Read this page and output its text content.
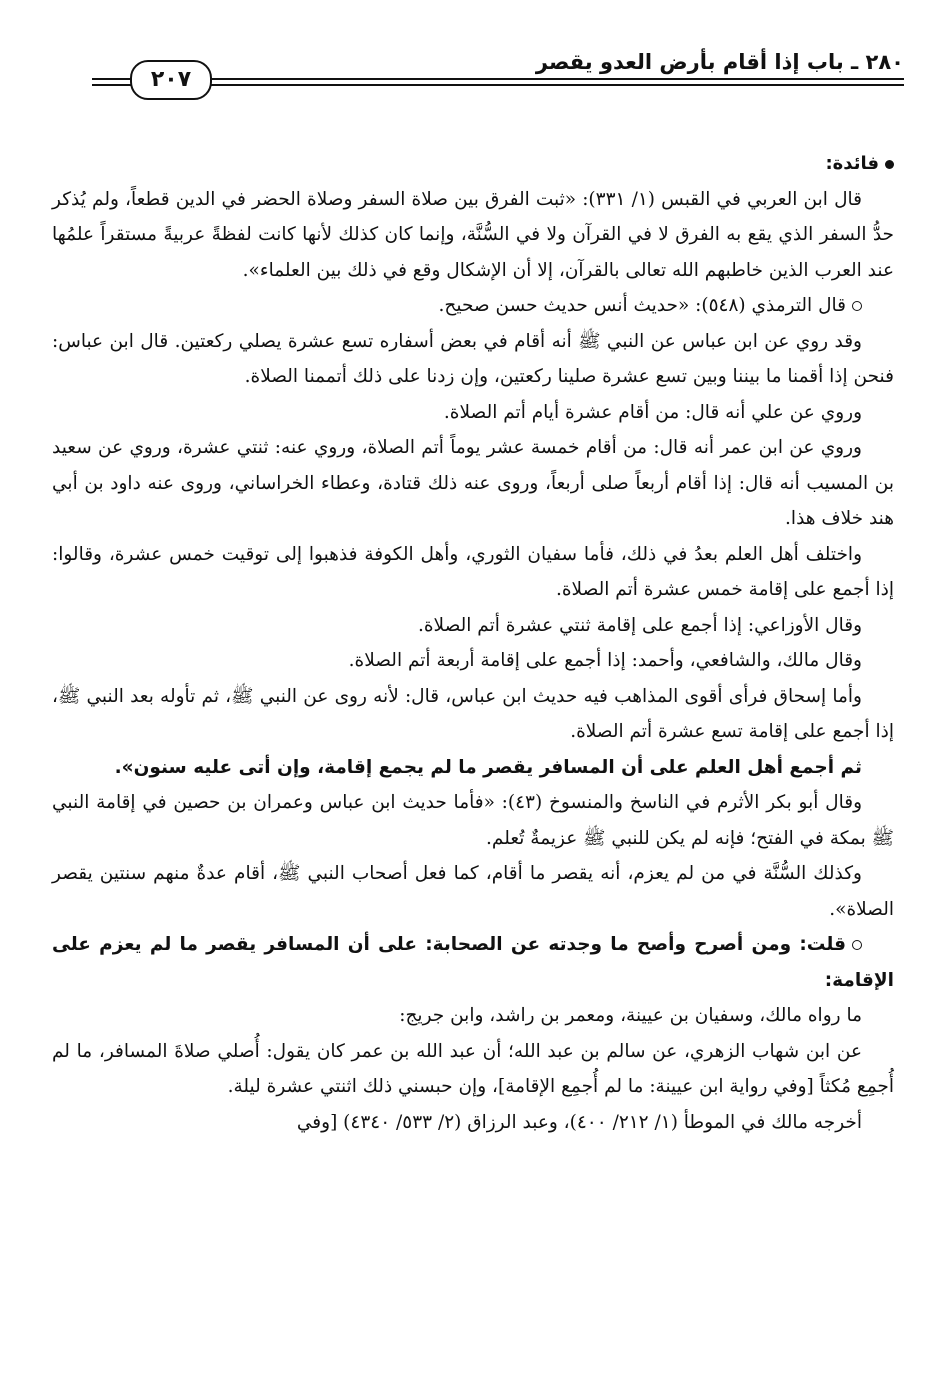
٢٨٠ ـ باب إذا أقام بأرض العدو يقصر
٢٠٧

فائدة:

قال ابن العربي في القبس (١/ ٣٣١): «ثبت الفرق بين صلاة السفر وصلاة الحضر في الدين قطعاً، ولم يُذكر حدُّ السفر الذي يقع به الفرق لا في القرآن ولا في السُّنَّة، وإنما كان كذلك لأنها كانت لفظةً عربيةً مستقراً علمُها عند العرب الذين خاطبهم الله تعالى بالقرآن، إلا أن الإشكال وقع في ذلك بين العلماء».

قال الترمذي (٥٤٨): «حديث أنس حديث حسن صحيح.

وقد روي عن ابن عباس عن النبي ﷺ أنه أقام في بعض أسفاره تسع عشرة يصلي ركعتين. قال ابن عباس: فنحن إذا أقمنا ما بيننا وبين تسع عشرة صلينا ركعتين، وإن زدنا على ذلك أتممنا الصلاة.

وروي عن علي أنه قال: من أقام عشرة أيام أتم الصلاة.

وروي عن ابن عمر أنه قال: من أقام خمسة عشر يوماً أتم الصلاة، وروي عنه: ثنتي عشرة، وروي عن سعيد بن المسيب أنه قال: إذا أقام أربعاً صلى أربعاً، وروى عنه ذلك قتادة، وعطاء الخراساني، وروى عنه داود بن أبي هند خلاف هذا.

واختلف أهل العلم بعدُ في ذلك، فأما سفيان الثوري، وأهل الكوفة فذهبوا إلى توقيت خمس عشرة، وقالوا: إذا أجمع على إقامة خمس عشرة أتم الصلاة.

وقال الأوزاعي: إذا أجمع على إقامة ثنتي عشرة أتم الصلاة.

وقال مالك، والشافعي، وأحمد: إذا أجمع على إقامة أربعة أتم الصلاة.

وأما إسحاق فرأى أقوى المذاهب فيه حديث ابن عباس، قال: لأنه روى عن النبي ﷺ، ثم تأوله بعد النبي ﷺ، إذا أجمع على إقامة تسع عشرة أتم الصلاة.

ثم أجمع أهل العلم على أن المسافر يقصر ما لم يجمع إقامة، وإن أتى عليه سنون».

وقال أبو بكر الأثرم في الناسخ والمنسوخ (٤٣): «فأما حديث ابن عباس وعمران بن حصين في إقامة النبي ﷺ بمكة في الفتح؛ فإنه لم يكن للنبي ﷺ عزيمةٌ تُعلم.

وكذلك السُّنَّة في من لم يعزم، أنه يقصر ما أقام، كما فعل أصحاب النبي ﷺ، أقام عدةٌ منهم سنتين يقصر الصلاة».

قلت: ومن أصرح وأصح ما وجدته عن الصحابة: على أن المسافر يقصر ما لم يعزم على الإقامة:

ما رواه مالك، وسفيان بن عيينة، ومعمر بن راشد، وابن جريج:

عن ابن شهاب الزهري، عن سالم بن عبد الله؛ أن عبد الله بن عمر كان يقول: أُصلي صلاةَ المسافر، ما لم أُجمِع مُكثاً [وفي رواية ابن عيينة: ما لم أُجمِع الإقامة]، وإن حبسني ذلك اثنتي عشرة ليلة.

أخرجه مالك في الموطأ (١/ ٢١٢/ ٤٠٠)، وعبد الرزاق (٢/ ٥٣٣/ ٤٣٤٠) [وفي
